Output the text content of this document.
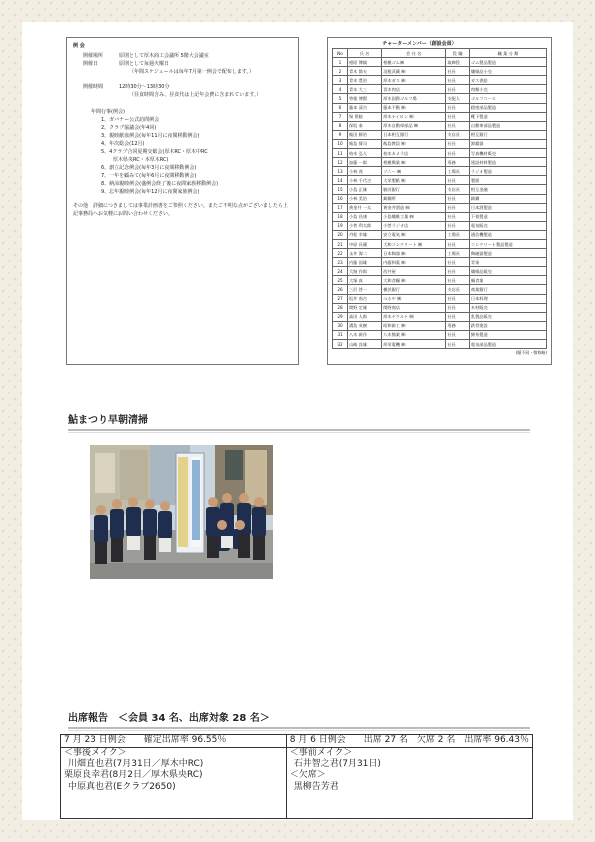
例 会
開催場所	原則として厚木商工会議所 5階大会議室
開催日	原則として毎週火曜日
（年間スケジュールは毎年7月第一例会で配布します。）
開催時間	12時30分～13時30分
（昼食時間含み、昼食代は上記年会費に含まれています。）
年間行事(例会)
1、ガバナー公式訪問例会
2、クラブ協議会(年4回)
3、親睦献血例会(毎年11月に夜間移動例会)
4、年次総会(12月)
5、4クラブ合同夏期交歓会(厚木RC・厚木中RC
厚木県央RC・本厚木RC)
6、創立記念例会(毎年3月に夜間移動例会)
7、一年を顧みて(毎年6月に夜間移動例会)
8、納涼親睦例会(盛例会終了後に夜間家族移動例会)
9、忘年親睦例会(毎年12月に夜間家族例会)
その他　詳細につきましては事業計画書をご参照ください。またご不明な点がございましたら上記事務局へお気軽にお問い合わせください。
チャーターメンバー（創設会員）
No	氏 名	会 社 名	役 職	職 業 分 類
1	相原 博親	相模ゴム㈱	取締役	ゴム製品製造
2	青木 節夫	羽根武蔵 ㈱	社長	繊維品小売
3	青木 豊治	厚木ガス ㈱	社長	ガス供給
4	青木 大三	青木肉店	社長	肉類小売
5	曽根 博賢	厚木国際ゴルフ場	支配人	ゴルフコース
6	藤本 清吉	藤本不動 ㈱	社長	精密部品製造
7	堀 篤勧	厚木ナイロン ㈱	社長	靴下製造
8	保坂 泰	厚木自動車部品 ㈱	社長	自動車部品製造
9	飯田 勝治	日本相互銀行	支店長	相互銀行
10	飯島 賛司	飯島教員 ㈱	社長	卸籍器
11	柏木 弘人	柏木カメラ店	社長	写真機材販売
12	加藤 一郎	相模興業 ㈱	専務	建設材料製造
13	小林 茂	ソニー ㈱	工場長	ラジオ製造
14	小林 千代吉	大栄製紙 ㈱	社長	製紙
15	小島 正雄	駿河銀行	支店長	相互金融
16	小林 美治	鋳鋼所	社長	鋳鋼
17	黄金井 一太	黄金井酒造 ㈱	社長	日本酒製造
18	小島 昌康	小島繊維工業 ㈱	社長	下着製造
19	小菅 利太郎	小菅ラジオ店	社長	電気販売
20	丹松 幸雄	安立電気 ㈱	工場長	通信機製造
21	中原 長蔵	大和コンクリート ㈱	社長	コンクリート製品製造
22	永井 海二	日本陶器 ㈱	工場長	陶磁器製造
23	内藤 国雄	内藤和菓 ㈱	社長	青果
24	大堀 作郎	西井屋	社長	繊維品販売
25	大塚 真	大和食糧 ㈱	社長	麺食業
26	三沢 啓一	横浜銀行	支店長	商業銀行
27	坂井 南吉	つるや ㈱	社長	日本料理
28	関野 定雄	関野商店	社長	木材販売
29	高田 人郎	厚木ヤクルト ㈱	社長	乳製品販売
30	溝島 英樹	昭和新工 ㈱	専務	鉄骨建設
31	八木 新作	八木綿業 ㈱	社長	綿糸製造
32	山崎 良雄	厚栄電機 ㈱	社長	電気部品製造
(順不同・敬称略)
鮎まつり早朝清掃
出席報告　＜会員 34 名、出席対象 28 名＞
7 月 23 日例会　　確定出席率 96.55％
＜事後メイク＞
川畑直也君(7月31日／厚木中RC)
栗原良幸君(8月2日／厚木県央RC)
中原真也君(Eクラブ2650)
8 月 6 日例会　　出席 27 名　欠席 2 名　出席率 96.43％
＜事前メイク＞
石井智之君(7月31日)
＜欠席＞
黒柳告芳君
